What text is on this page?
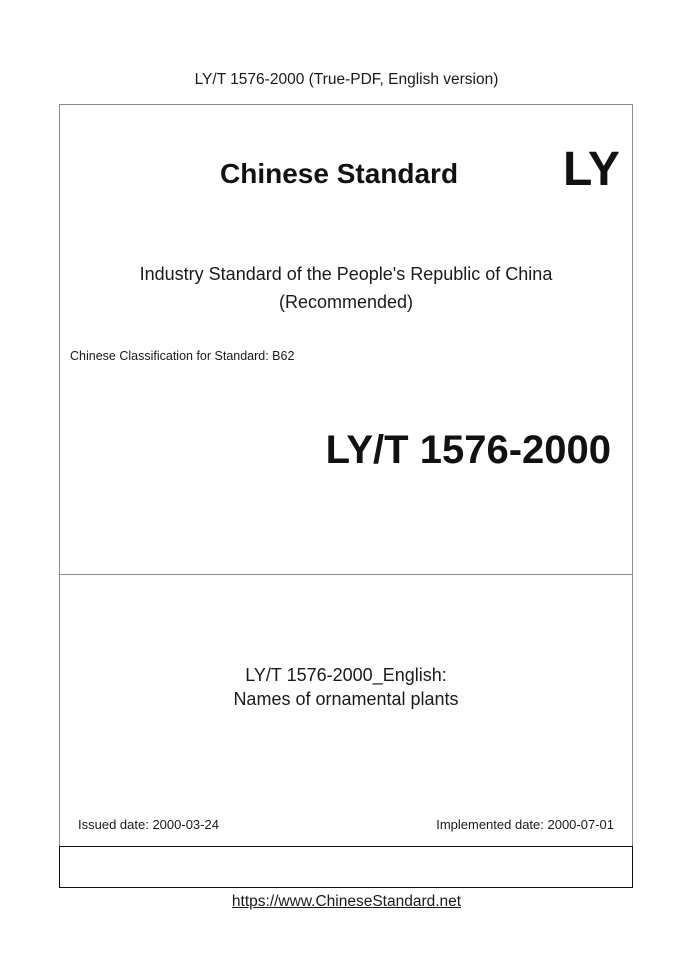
LY/T 1576-2000 (True-PDF, English version)
Chinese Standard LY
Industry Standard of the People's Republic of China
(Recommended)
Chinese Classification for Standard: B62
LY/T 1576-2000
LY/T 1576-2000_English:
Names of ornamental plants
Issued date: 2000-03-24	Implemented date: 2000-07-01
https://www.ChineseStandard.net
